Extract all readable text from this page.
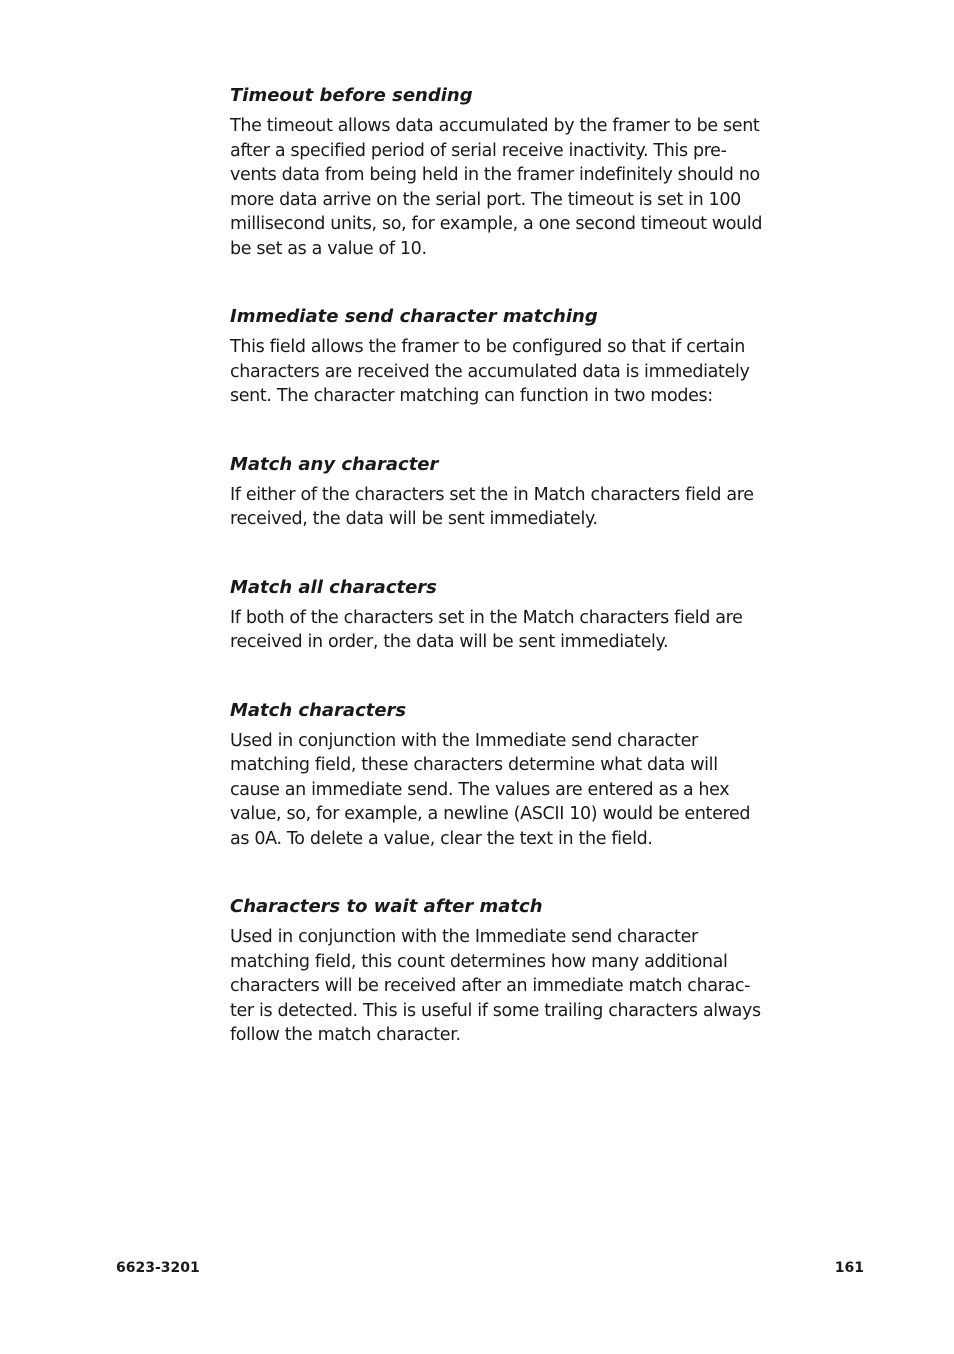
Timeout before sending
The timeout allows data accumulated by the framer to be sent
after a specified period of serial receive inactivity. This pre-
vents data from being held in the framer indefinitely should no
more data arrive on the serial port. The timeout is set in 100
millisecond units, so, for example, a one second timeout would
be set as a value of 10.
Immediate send character matching
This field allows the framer to be configured so that if certain
characters are received the accumulated data is immediately
sent. The character matching can function in two modes:
Match any character
If either of the characters set the in Match characters field are
received, the data will be sent immediately.
Match all characters
If both of the characters set in the Match characters field are
received in order, the data will be sent immediately.
Match characters
Used in conjunction with the Immediate send character
matching field, these characters determine what data will
cause an immediate send. The values are entered as a hex
value, so, for example, a newline (ASCII 10) would be entered
as 0A. To delete a value, clear the text in the field.
Characters to wait after match
Used in conjunction with the Immediate send character
matching field, this count determines how many additional
characters will be received after an immediate match charac-
ter is detected. This is useful if some trailing characters always
follow the match character.
6623-3201	161
